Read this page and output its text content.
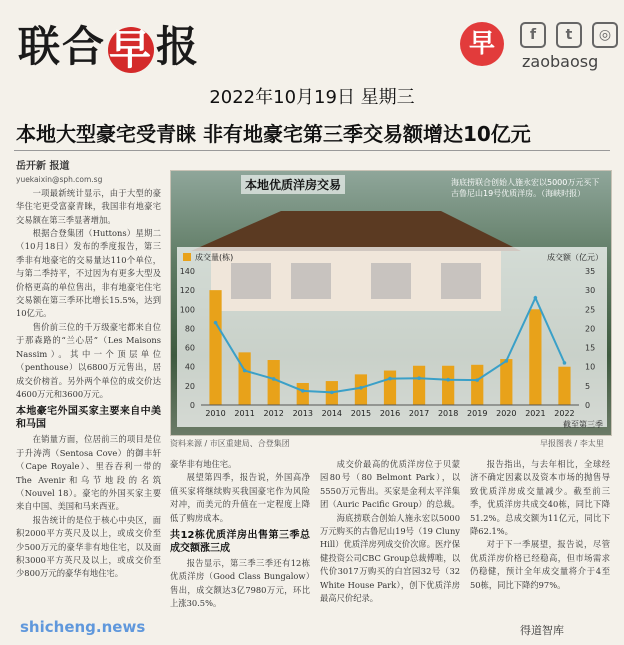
联合早报	早	f	t	◎
zaobaosg
2022年10月19日 星期三
本地大型豪宅受青睐 非有地豪宅第三季交易额增达10亿元

岳开新 报道

yuekaixin@sph.com.sg

一项最新统计显示，由于大型的豪华住宅更受富豪青睐，我国非有地豪宅交易额在第三季显著增加。

根据合登集团（Huttons）星期二（10月18日）发布的季度报告，第三季非有地豪宅的交易量达110个单位，与第二季持平，不过因为有更多大型及价格更高的单位售出，非有地豪宅住宅交易额在第三季环比增长15.5%，达到10亿元。

售价前三位的千万级豪宅都来自位于那森路的“兰心居”（Les Maisons Nassim）。其中一个顶层单位（penthouse）以6800万元售出，居成交价榜首。另外两个单位的成交价达4600万元和3600万元。

本地豪宅外国买家主要来自中美和马国

在销量方面，位居前三的项目是位于升涛湾（Sentosa Cove）的御丰轩（Cape Royale）、里吞吞利一带的The Avenir和乌节地段的名筑（Nouvel 18）。豪宅的外国买家主要来自中国、美国和马来西亚。

报告统计的是位于核心中央区，面积2000平方英尺及以上，或成交价至少500万元的豪华非有地住宅，以及面积3000平方英尺及以上，或成交价至少800万元的豪华有地住宅。

本地优质洋房交易	海底捞联合创始人施永宏以5000万元买下古鲁尼山19号优质洋房。（海峡时报）
0
20
40
60
80
100
120
140
0
5
10
15
20
25
30
35
2010 2011 2012 2013 2014 2015 2016 2017 2018 2019 2020 2021 2022
成交量(栋)	成交额（亿元）
截至第三季
资料来源 / 市区重建局、合登集团	早报图表 / 李太里

豪华非有地住宅。

展望第四季，报告说，外国高净值买家将继续购买我国豪宅作为风险对冲，而美元的升值在一定程度上降低了购房成本。

共12栋优质洋房出售第三季总成交额涨三成

报告显示，第三季三季还有12栋优质洋房（Good Class Bungalow）售出，成交额达3亿7980万元，环比上涨30.5%。

成交价最高的优质洋房位于贝蒙园80号（80 Belmont Park），以5550万元售出。买家是金利太平洋集团（Auric Pacific Group）的总裁。

海底捞联合创始人施永宏以5000万元购买的古鲁尼山19号（19 Cluny Hill）优质洋房列成交价次席。医疗保健投资公司CBC Group总裁傅唯，以代价3017万购买的白宫园32号（32 White House Park），创下优质洋房最高尺价纪录。

报告指出，与去年相比，全球经济不确定因素以及资本市场的抛售导致优质洋房成交量减少。截至前三季，优质洋房共成交40栋，同比下降51.2%。总成交额为11亿元，同比下降62.1%。

对于下一季展望，报告说，尽管优质洋房价格已经稳高，但市场需求仍稳健，预计全年成交量将介于4至50栋，同比下降约97%。

shicheng.news	得道智库
